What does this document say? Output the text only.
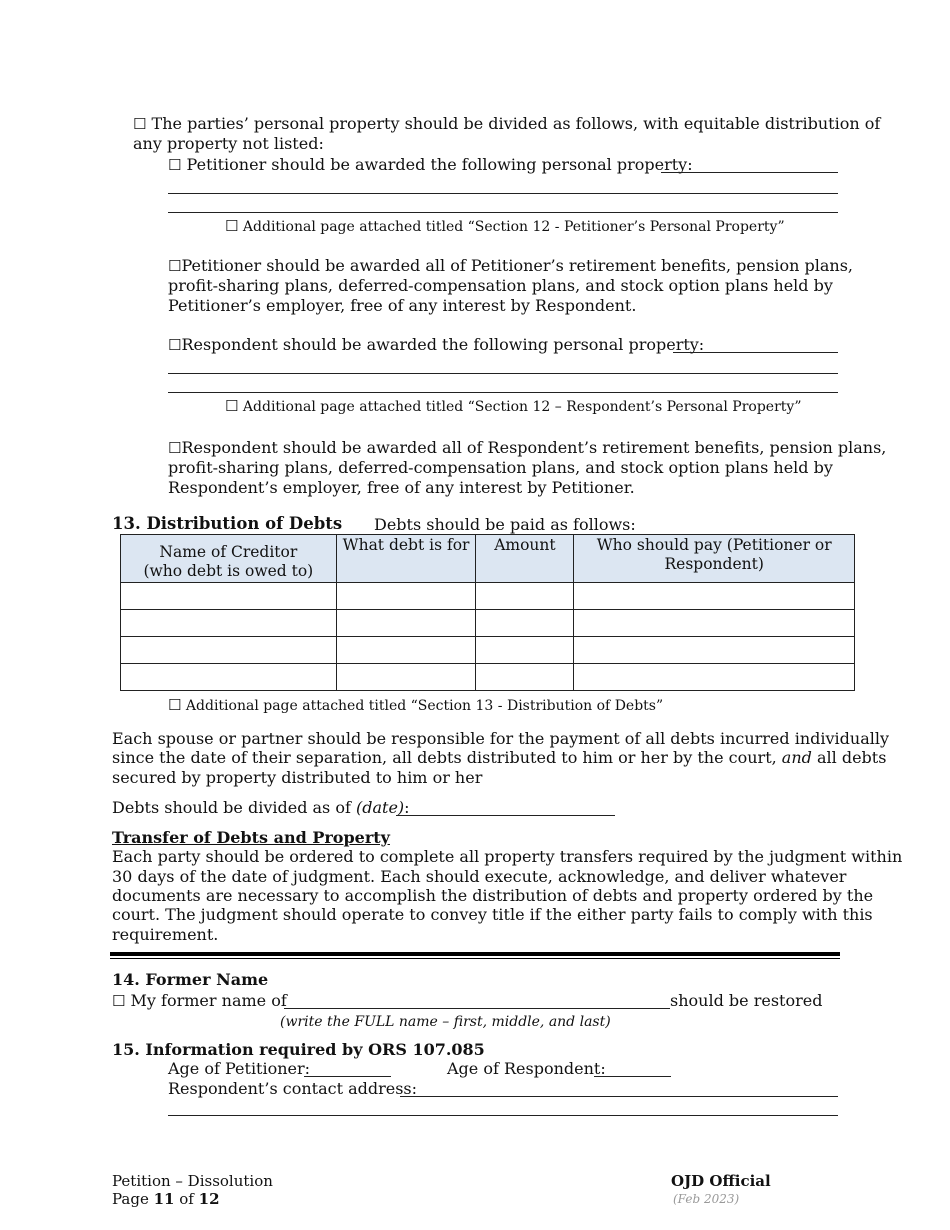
☐ The parties’ personal property should be divided as follows, with equitable distribution of
any property not listed:
☐ Petitioner should be awarded the following personal property:
☐ Additional page attached titled “Section 12 - Petitioner’s Personal Property”
☐Petitioner should be awarded all of Petitioner’s retirement benefits, pension plans,
profit-sharing plans, deferred-compensation plans, and stock option plans held by
Petitioner’s employer, free of any interest by Respondent.
☐Respondent should be awarded the following personal property:
☐ Additional page attached titled “Section 12 – Respondent’s Personal Property”
☐Respondent should be awarded all of Respondent’s retirement benefits, pension plans,
profit-sharing plans, deferred-compensation plans, and stock option plans held by
Respondent’s employer, free of any interest by Petitioner.
13. Distribution of Debts Debts should be paid as follows:
Name of Creditor
(who debt is owed to)	What debt is for	Amount	Who should pay (Petitioner or Respondent)

☐ Additional page attached titled “Section 13 - Distribution of Debts”
Each spouse or partner should be responsible for the payment of all debts incurred individually
since the date of their separation, all debts distributed to him or her by the court, and all debts
secured by property distributed to him or her
Debts should be divided as of (date):
Transfer of Debts and Property
Each party should be ordered to complete all property transfers required by the judgment within
30 days of the date of judgment. Each should execute, acknowledge, and deliver whatever
documents are necessary to accomplish the distribution of debts and property ordered by the
court. The judgment should operate to convey title if the either party fails to comply with this
requirement.
14. Former Name
☐ My former name of	should be restored
(write the FULL name – first, middle, and last)
15. Information required by ORS 107.085
Age of Petitioner:	Age of Respondent:
Respondent’s contact address:
Petition – Dissolution
Page 11 of 12
OJD Official
(Feb 2023)
